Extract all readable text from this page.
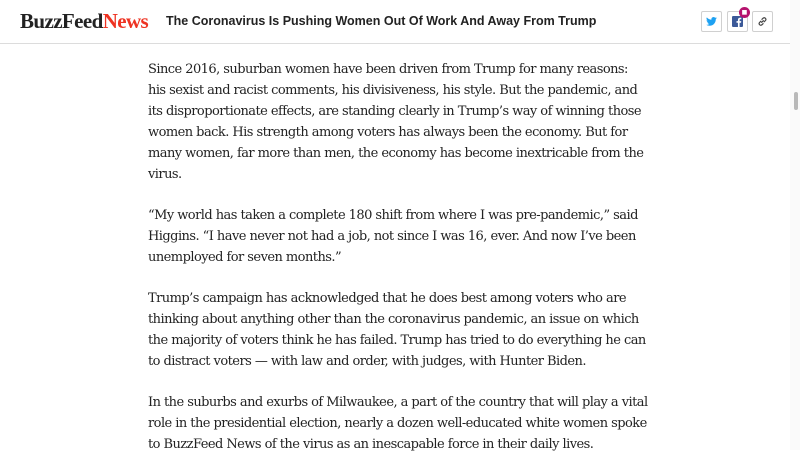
BuzzFeedNews The Coronavirus Is Pushing Women Out Of Work And Away From Trump
■

Since 2016, suburban women have been driven from Trump for many reasons: his sexist and racist comments, his divisiveness, his style. But the pandemic, and its disproportionate effects, are standing clearly in Trump’s way of winning those women back. His strength among voters has always been the economy. But for many women, far more than men, the economy has become inextricable from the virus.

“My world has taken a complete 180 shift from where I was pre-pandemic,” said Higgins. “I have never not had a job, not since I was 16, ever. And now I’ve been unemployed for seven months.”

Trump’s campaign has acknowledged that he does best among voters who are thinking about anything other than the coronavirus pandemic, an issue on which the majority of voters think he has failed. Trump has tried to do everything he can to distract voters — with law and order, with judges, with Hunter Biden.

In the suburbs and exurbs of Milwaukee, a part of the country that will play a vital role in the presidential election, nearly a dozen well-educated white women spoke to BuzzFeed News of the virus as an inescapable force in their daily lives.
